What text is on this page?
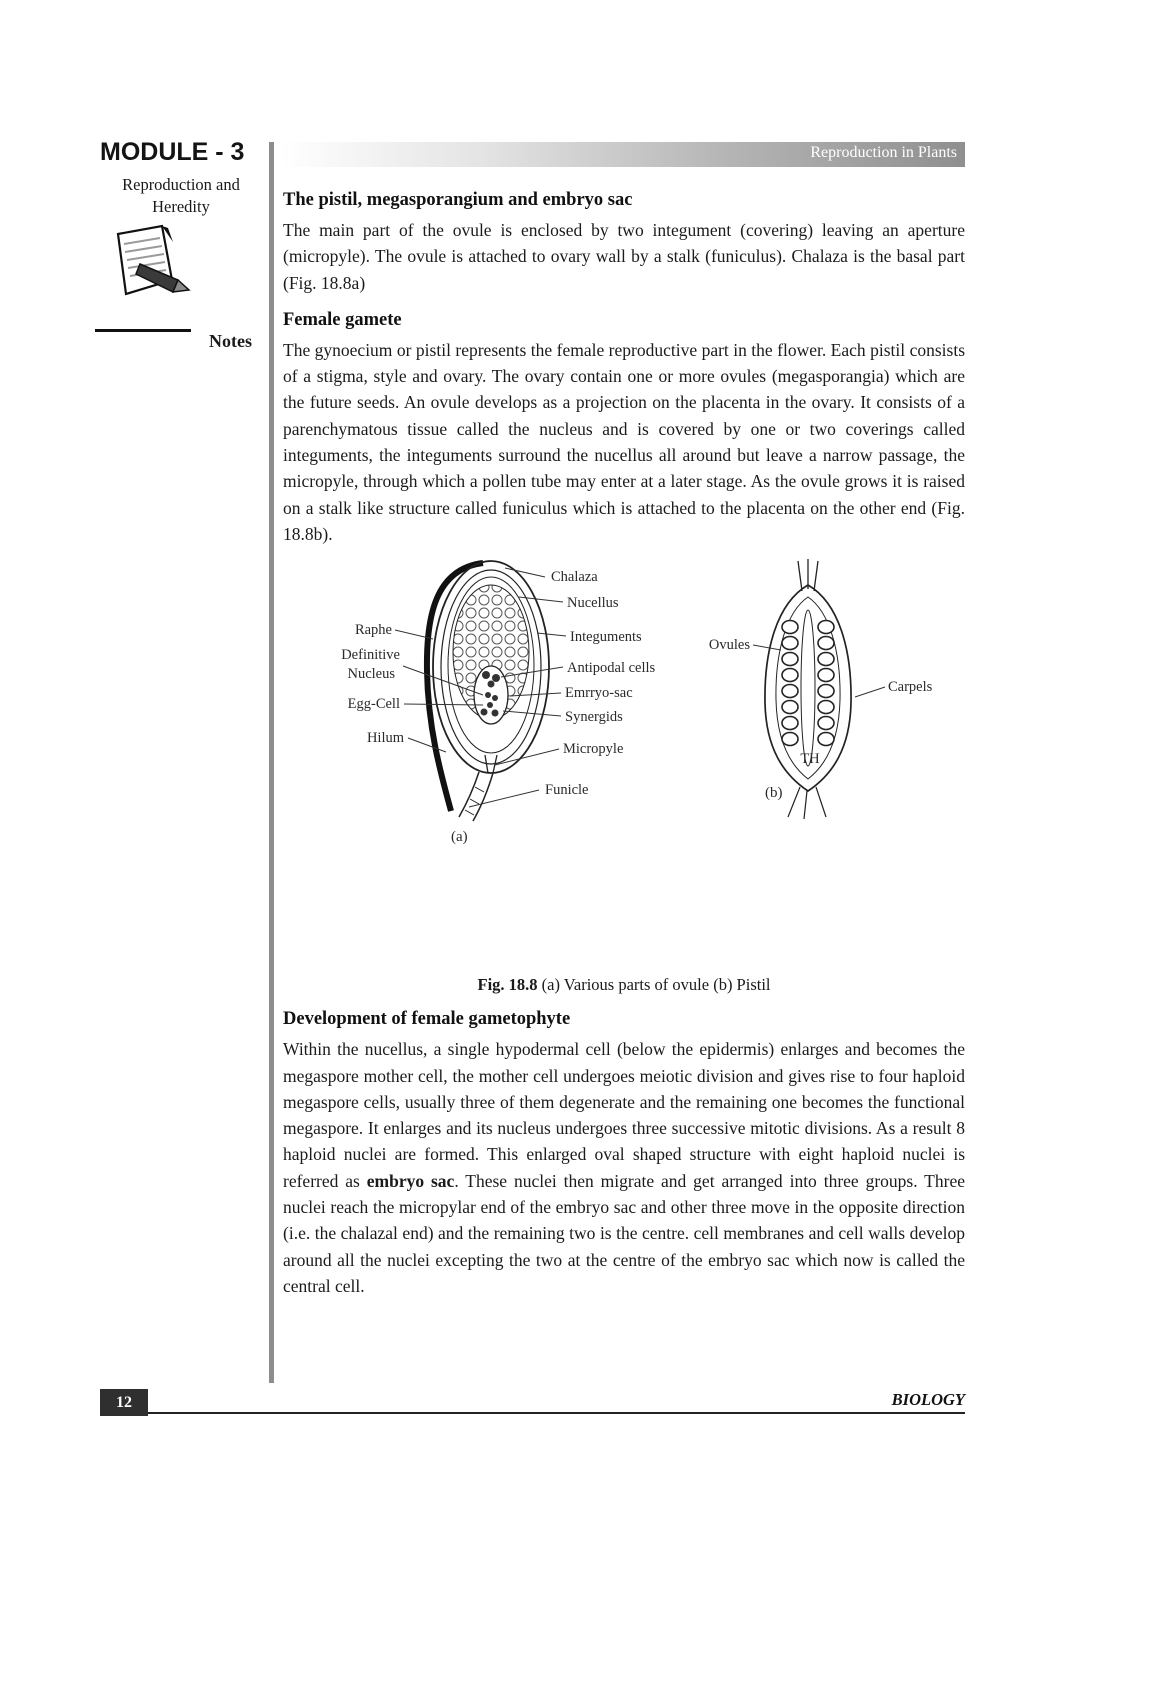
MODULE - 3
Reproduction and
Heredity
Notes
Reproduction in Plants
The pistil, megasporangium and embryo sac

The main part of the ovule is enclosed by two integument (covering) leaving an aperture (micropyle). The ovule is attached to ovary wall by a stalk (funiculus). Chalaza is the basal part (Fig. 18.8a)

Female gamete

The gynoecium or pistil represents the female reproductive part in the flower. Each pistil consists of a stigma, style and ovary. The ovary contain one or more ovules (megasporangia) which are the future seeds. An ovule develops as a projection on the placenta in the ovary. It consists of a parenchymatous tissue called the nucleus and is covered by one or two coverings called integuments, the integuments surround the nucellus all around but leave a narrow passage, the micropyle, through which a pollen tube may enter at a later stage. As the ovule grows it is raised on a stalk like structure called funiculus which is attached to the placenta on the other end (Fig. 18.8b).

Chalaza
Nucellus
Raphe	Integuments
Definitive
Nucleus	Antipodal cells
Emrryo-sac
Egg-Cell
Synergids
Hilum
Micropyle
Funicle
(a)
Ovules
Carpels
TH
(b)
Fig. 18.8 (a) Various parts of ovule (b) Pistil
Development of female gametophyte

Within the nucellus, a single hypodermal cell (below the epidermis) enlarges and becomes the megaspore mother cell, the mother cell undergoes meiotic division and gives rise to four haploid megaspore cells, usually three of them degenerate and the remaining one becomes the functional megaspore. It enlarges and its nucleus undergoes three successive mitotic divisions. As a result 8 haploid nuclei are formed. This enlarged oval shaped structure with eight haploid nuclei is referred as embryo sac. These nuclei then migrate and get arranged into three groups. Three nuclei reach the micropylar end of the embryo sac and other three move in the opposite direction (i.e. the chalazal end) and the remaining two is the centre. cell membranes and cell walls develop around all the nuclei excepting the two at the centre of the embryo sac which now is called the central cell.

12	BIOLOGY
